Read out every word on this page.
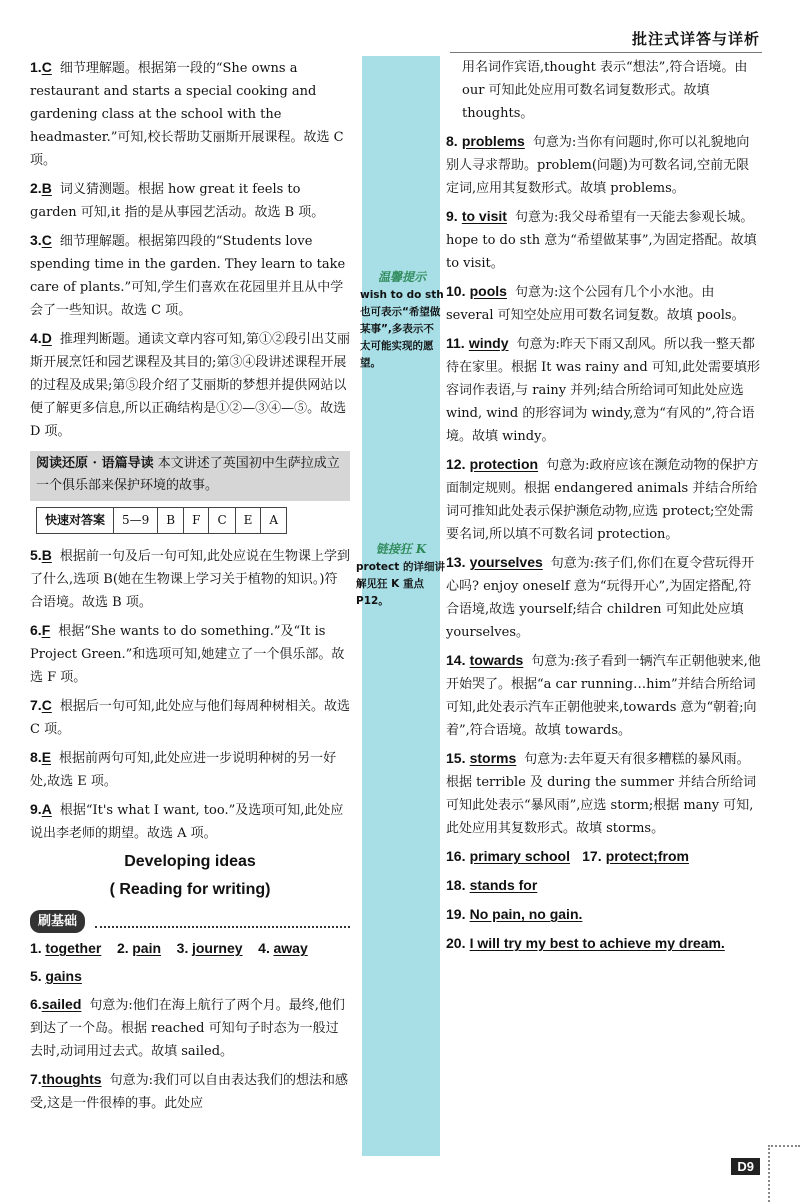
批注式详答与详析
1.C 细节理解题。根据第一段的“She owns a restaurant and starts a special cooking and gardening class at the school with the headmaster.”可知,校长帮助艾丽斯开展课程。故选 C 项。
2.B 词义猜测题。根据 how great it feels to garden 可知,it 指的是从事园艺活动。故选 B 项。
3.C 细节理解题。根据第四段的“Students love spending time in the garden. They learn to take care of plants.”可知,学生们喜欢在花园里并且从中学会了一些知识。故选 C 项。
4.D 推理判断题。通读文章内容可知,第①②段引出艾丽斯开展烹饪和园艺课程及其目的;第③④段讲述课程开展的过程及成果;第⑤段介绍了艾丽斯的梦想并提供网站以便了解更多信息,所以正确结构是①②—③④—⑤。故选 D 项。
阅读还原 · 语篇导读 本文讲述了英国初中生萨拉成立一个俱乐部来保护环境的故事。
快速对答案	5—9	B	F	C	E	A
5.B 根据前一句及后一句可知,此处应说在生物课上学到了什么,选项 B(她在生物课上学习关于植物的知识。)符合语境。故选 B 项。
6.F 根据“She wants to do something.”及“It is Project Green.”和选项可知,她建立了一个俱乐部。故选 F 项。
7.C 根据后一句可知,此处应与他们每周种树相关。故选 C 项。
8.E 根据前两句可知,此处应进一步说明种树的另一好处,故选 E 项。
9.A 根据“It's what I want, too.”及选项可知,此处应说出李老师的期望。故选 A 项。
Developing ideas
( Reading for writing)
刷基础
1. together 2. pain 3. journey 4. away
5. gains
6.sailed 句意为:他们在海上航行了两个月。最终,他们到达了一个岛。根据 reached 可知句子时态为一般过去时,动词用过去式。故填 sailed。
7.thoughts 句意为:我们可以自由表达我们的想法和感受,这是一件很棒的事。此处应
温馨提示
wish to do sth 也可表示“希望做某事”,多表示不太可能实现的愿望。
链接狂 K
protect 的详细讲解见狂 K 重点 P12。
用名词作宾语,thought 表示“想法”,符合语境。由 our 可知此处应用可数名词复数形式。故填 thoughts。
8. problems 句意为:当你有问题时,你可以礼貌地向别人寻求帮助。problem(问题)为可数名词,空前无限定词,应用其复数形式。故填 problems。
9. to visit 句意为:我父母希望有一天能去参观长城。hope to do sth 意为“希望做某事”,为固定搭配。故填 to visit。
10. pools 句意为:这个公园有几个小水池。由 several 可知空处应用可数名词复数。故填 pools。
11. windy 句意为:昨天下雨又刮风。所以我一整天都待在家里。根据 It was rainy and 可知,此处需要填形容词作表语,与 rainy 并列;结合所给词可知此处应选 wind, wind 的形容词为 windy,意为“有风的”,符合语境。故填 windy。
12. protection 句意为:政府应该在濒危动物的保护方面制定规则。根据 endangered animals 并结合所给词可推知此处表示保护濒危动物,应选 protect;空处需要名词,所以填不可数名词 protection。
13. yourselves 句意为:孩子们,你们在夏令营玩得开心吗? enjoy oneself 意为“玩得开心”,为固定搭配,符合语境,故选 yourself;结合 children 可知此处应填 yourselves。
14. towards 句意为:孩子看到一辆汽车正朝他驶来,他开始哭了。根据“a car running…him”并结合所给词可知,此处表示汽车正朝他驶来,towards 意为“朝着;向着”,符合语境。故填 towards。
15. storms 句意为:去年夏天有很多糟糕的暴风雨。根据 terrible 及 during the summer 并结合所给词可知此处表示“暴风雨”,应选 storm;根据 many 可知,此处应用其复数形式。故填 storms。
16. primary school 17. protect;from
18. stands for
19. No pain, no gain.
20. I will try my best to achieve my dream.
D9
